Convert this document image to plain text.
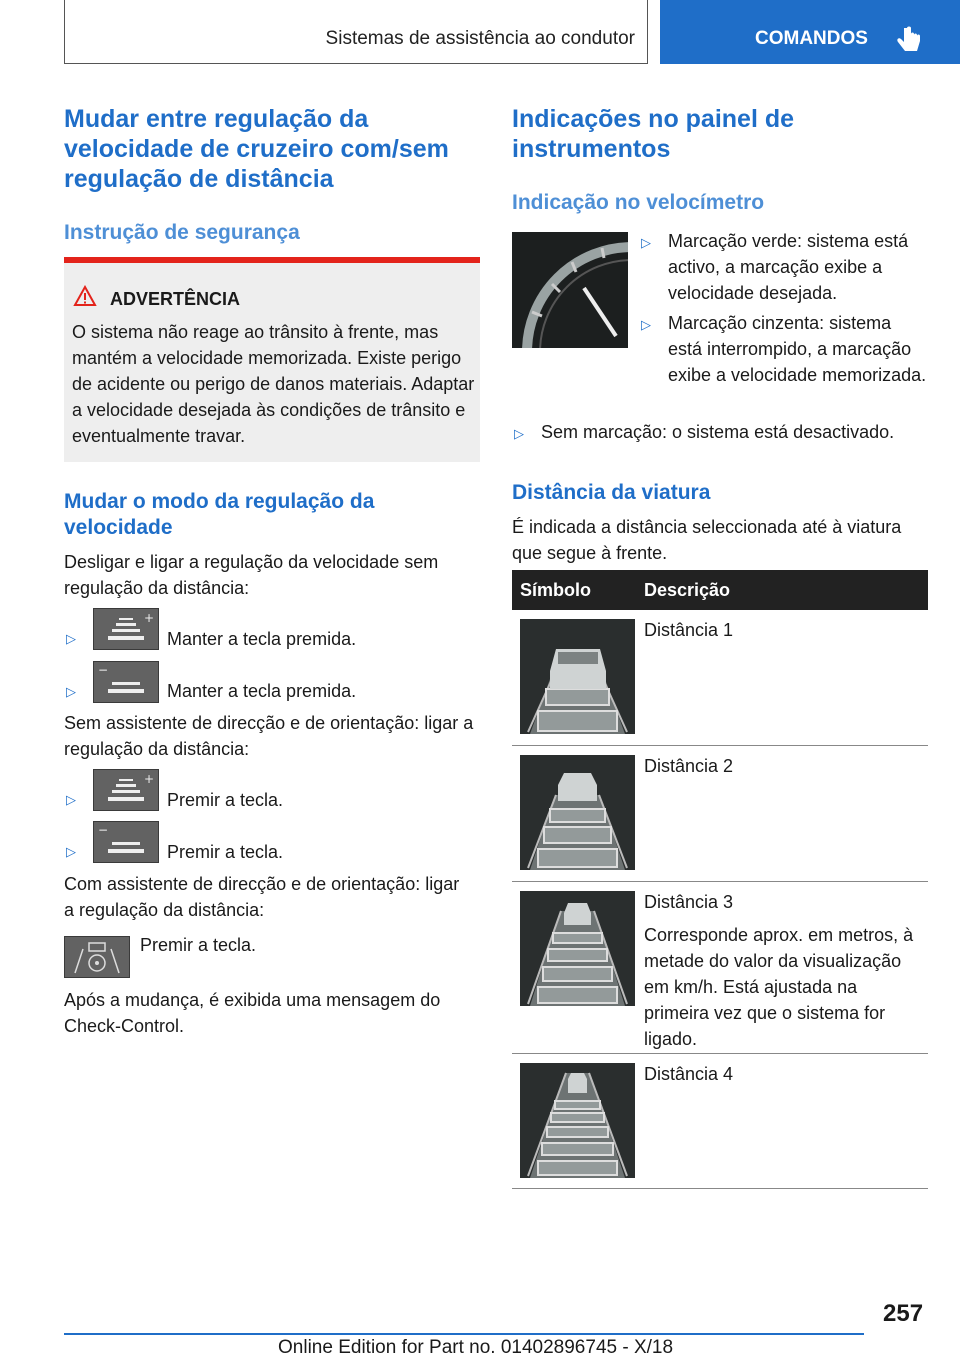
Sistemas de assistência ao condutor	COMANDOS
Mudar entre regulação da velocidade de cruzeiro com/sem regulação de distância
Instrução de segurança
ADVERTÊNCIA
O sistema não reage ao trânsito à frente, mas mantém a velocidade memorizada. Existe perigo de acidente ou perigo de danos materiais. Adaptar a velocidade desejada às condições de trânsito e eventualmente travar.
Mudar o modo da regulação da velocidade

Desligar e ligar a regulação da velocidade sem regulação da distância:

▷
+

Manter a tecla premida.

▷
−

Manter a tecla premida.

Sem assistente de direcção e de orientação: ligar a regulação da distância:

▷
+

Premir a tecla.

▷
−

Premir a tecla.

Com assistente de direcção e de orientação: ligar a regulação da distância:

Premir a tecla.

Após a mudança, é exibida uma mensagem do Check-Control.

Indicações no painel de instrumentos
Indicação no velocímetro
▷ Marcação verde: sistema está activo, a marcação exibe a velocidade desejada.

▷ Marcação cinzenta: sistema está interrompido, a marcação exibe a velocidade memorizada.

▷ Sem marcação: o sistema está desactivado.

Distância da viatura

É indicada a distância seleccionada até à viatura que segue à frente.

Símbolo	Descrição

Distância 1

Distância 2

Distância 3

Corresponde aprox. em metros, à metade do valor da visualização em km/h. Está ajustada na primeira vez que o sistema for ligado.

Distância 4

257
Online Edition for Part no. 01402896745 - X/18
